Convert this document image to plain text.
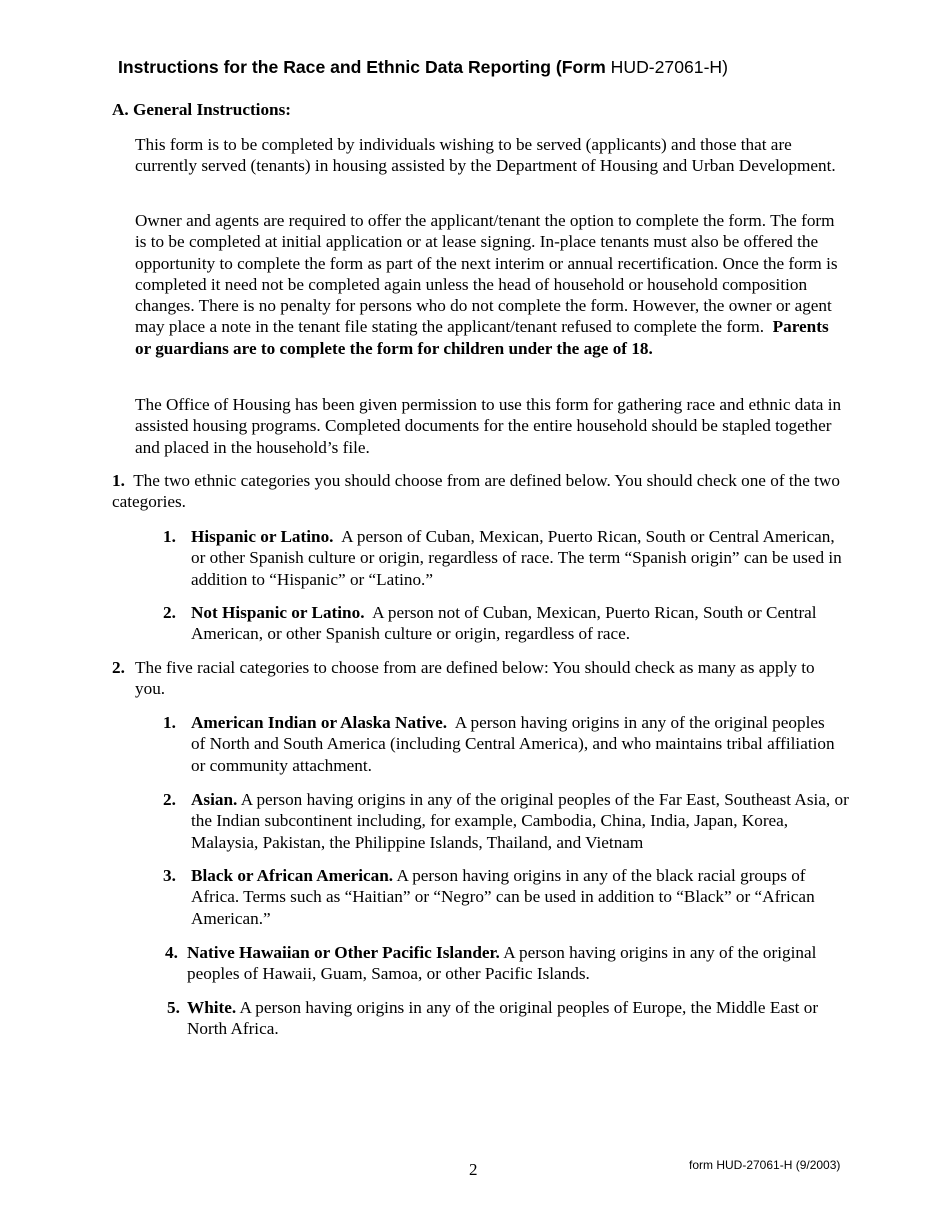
Instructions for the Race and Ethnic Data Reporting (Form HUD-27061-H)
A. General Instructions:

This form is to be completed by individuals wishing to be served (applicants) and those that are currently served (tenants) in housing assisted by the Department of Housing and Urban Development.

Owner and agents are required to offer the applicant/tenant the option to complete the form. The form is to be completed at initial application or at lease signing. In-place tenants must also be offered the opportunity to complete the form as part of the next interim or annual recertification. Once the form is completed it need not be completed again unless the head of household or household composition changes. There is no penalty for persons who do not complete the form. However, the owner or agent may place a note in the tenant file stating the applicant/tenant refused to complete the form. Parents or guardians are to complete the form for children under the age of 18.

The Office of Housing has been given permission to use this form for gathering race and ethnic data in assisted housing programs. Completed documents for the entire household should be stapled together and placed in the household’s file.

1. The two ethnic categories you should choose from are defined below. You should check one of the two categories.

1. Hispanic or Latino. A person of Cuban, Mexican, Puerto Rican, South or Central American, or other Spanish culture or origin, regardless of race. The term “Spanish origin” can be used in addition to “Hispanic” or “Latino.”
2. Not Hispanic or Latino. A person not of Cuban, Mexican, Puerto Rican, South or Central American, or other Spanish culture or origin, regardless of race.
2. The five racial categories to choose from are defined below: You should check as many as apply to you.
1. American Indian or Alaska Native. A person having origins in any of the original peoples of North and South America (including Central America), and who maintains tribal affiliation or community attachment.
2. Asian. A person having origins in any of the original peoples of the Far East, Southeast Asia, or the Indian subcontinent including, for example, Cambodia, China, India, Japan, Korea, Malaysia, Pakistan, the Philippine Islands, Thailand, and Vietnam
3. Black or African American. A person having origins in any of the black racial groups of Africa. Terms such as “Haitian” or “Negro” can be used in addition to “Black” or “African American.”
4. Native Hawaiian or Other Pacific Islander. A person having origins in any of the original peoples of Hawaii, Guam, Samoa, or other Pacific Islands.
5. White. A person having origins in any of the original peoples of Europe, the Middle East or North Africa.
2	form HUD-27061-H (9/2003)
